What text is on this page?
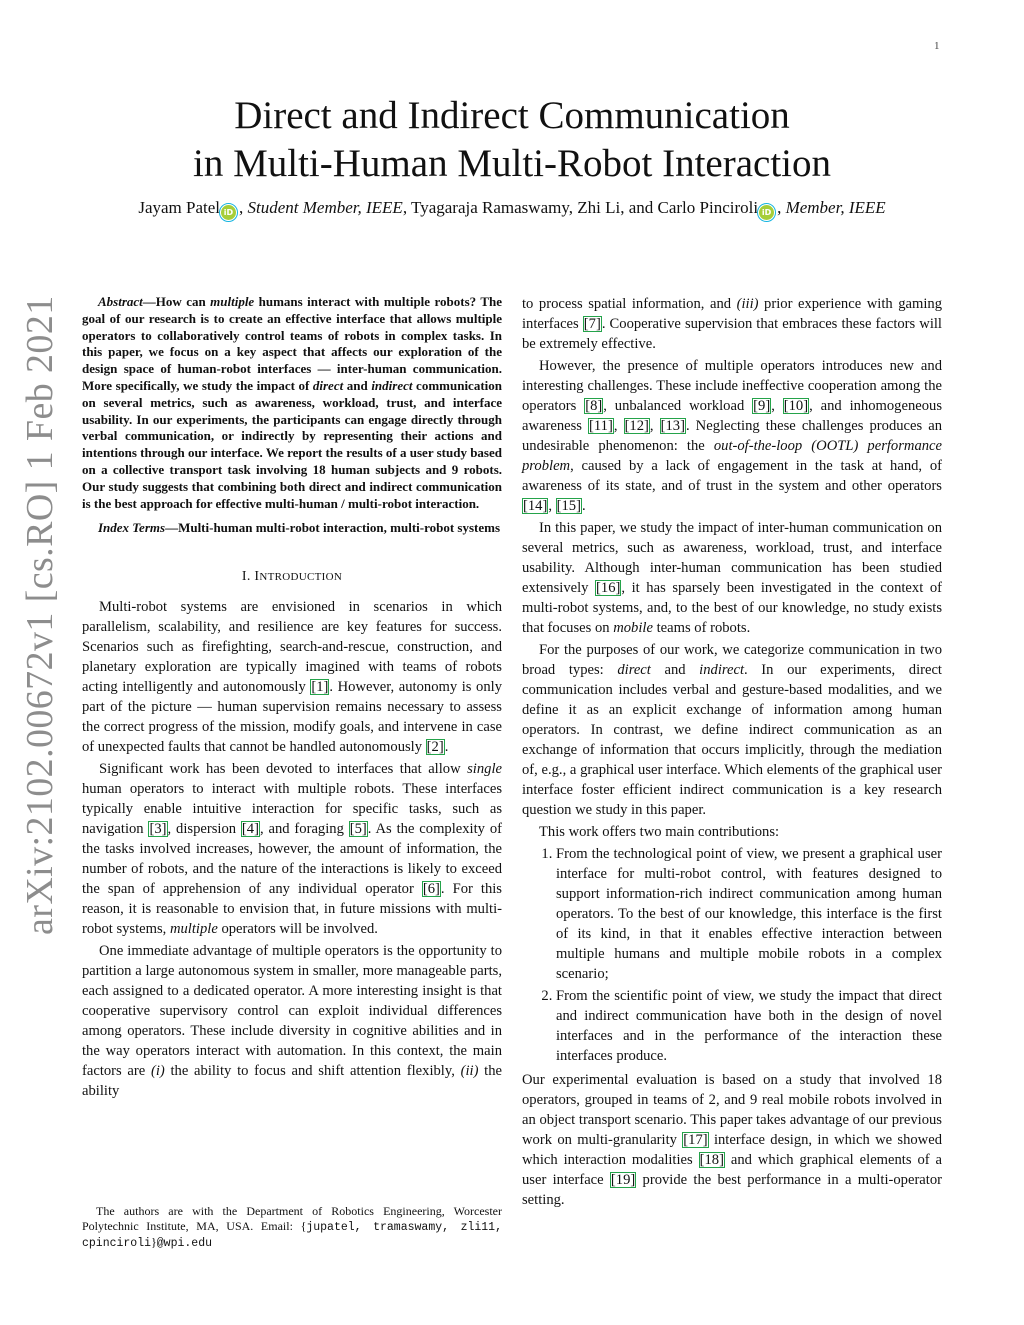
1
arXiv:2102.00672v1 [cs.RO] 1 Feb 2021
Direct and Indirect Communication
in Multi-Human Multi-Robot Interaction
Jayam Patel iD , Student Member, IEEE, Tyagaraja Ramaswamy, Zhi Li, and Carlo Pinciroli iD , Member, IEEE

Abstract—How can multiple humans interact with multiple robots? The goal of our research is to create an effective interface that allows multiple operators to collaboratively control teams of robots in complex tasks. In this paper, we focus on a key aspect that affects our exploration of the design space of human-robot interfaces — inter-human communication. More specifically, we study the impact of direct and indirect communication on several metrics, such as awareness, workload, trust, and interface usability. In our experiments, the participants can engage directly through verbal communication, or indirectly by representing their actions and intentions through our interface. We report the results of a user study based on a collective transport task involving 18 human subjects and 9 robots. Our study suggests that combining both direct and indirect communication is the best approach for effective multi-human / multi-robot interaction.

Index Terms—Multi-human multi-robot interaction, multi-robot systems

I. INTRODUCTION

Multi-robot systems are envisioned in scenarios in which parallelism, scalability, and resilience are key features for success. Scenarios such as firefighting, search-and-rescue, construction, and planetary exploration are typically imagined with teams of robots acting intelligently and autonomously [1]. However, autonomy is only part of the picture — human supervision remains necessary to assess the correct progress of the mission, modify goals, and intervene in case of unexpected faults that cannot be handled autonomously [2].

Significant work has been devoted to interfaces that allow single human operators to interact with multiple robots. These interfaces typically enable intuitive interaction for specific tasks, such as navigation [3], dispersion [4], and foraging [5]. As the complexity of the tasks involved increases, however, the amount of information, the number of robots, and the nature of the interactions is likely to exceed the span of apprehension of any individual operator [6]. For this reason, it is reasonable to envision that, in future missions with multi-robot systems, multiple operators will be involved.

One immediate advantage of multiple operators is the opportunity to partition a large autonomous system in smaller, more manageable parts, each assigned to a dedicated operator. A more interesting insight is that cooperative supervisory control can exploit individual differences among operators. These include diversity in cognitive abilities and in the way operators interact with automation. In this context, the main factors are (i) the ability to focus and shift attention flexibly, (ii) the ability

The authors are with the Department of Robotics Engineering, Worcester Polytechnic Institute, MA, USA. Email: {jupatel, tramaswamy, zli11, cpinciroli}@wpi.edu

to process spatial information, and (iii) prior experience with gaming interfaces [7]. Cooperative supervision that embraces these factors will be extremely effective.

However, the presence of multiple operators introduces new and interesting challenges. These include ineffective cooperation among the operators [8], unbalanced workload [9], [10], and inhomogeneous awareness [11], [12], [13]. Neglecting these challenges produces an undesirable phenomenon: the out-of-the-loop (OOTL) performance problem, caused by a lack of engagement in the task at hand, of awareness of its state, and of trust in the system and other operators [14], [15].

In this paper, we study the impact of inter-human communication on several metrics, such as awareness, workload, trust, and interface usability. Although inter-human communication has been studied extensively [16], it has sparsely been investigated in the context of multi-robot systems, and, to the best of our knowledge, no study exists that focuses on mobile teams of robots.

For the purposes of our work, we categorize communication in two broad types: direct and indirect. In our experiments, direct communication includes verbal and gesture-based modalities, and we define it as an explicit exchange of information among human operators. In contrast, we define indirect communication as an exchange of information that occurs implicitly, through the mediation of, e.g., a graphical user interface. Which elements of the graphical user interface foster efficient indirect communication is a key research question we study in this paper.

This work offers two main contributions:

1. From the technological point of view, we present a graphical user interface for multi-robot control, with features designed to support information-rich indirect communication among human operators. To the best of our knowledge, this interface is the first of its kind, in that it enables effective interaction between multiple humans and multiple mobile robots in a complex scenario;
2. From the scientific point of view, we study the impact that direct and indirect communication have both in the design of novel interfaces and in the performance of the interaction these interfaces produce.

Our experimental evaluation is based on a study that involved 18 operators, grouped in teams of 2, and 9 real mobile robots involved in an object transport scenario. This paper takes advantage of our previous work on multi-granularity [17] interface design, in which we showed which interaction modalities [18] and which graphical elements of a user interface [19] provide the best performance in a multi-operator setting.
